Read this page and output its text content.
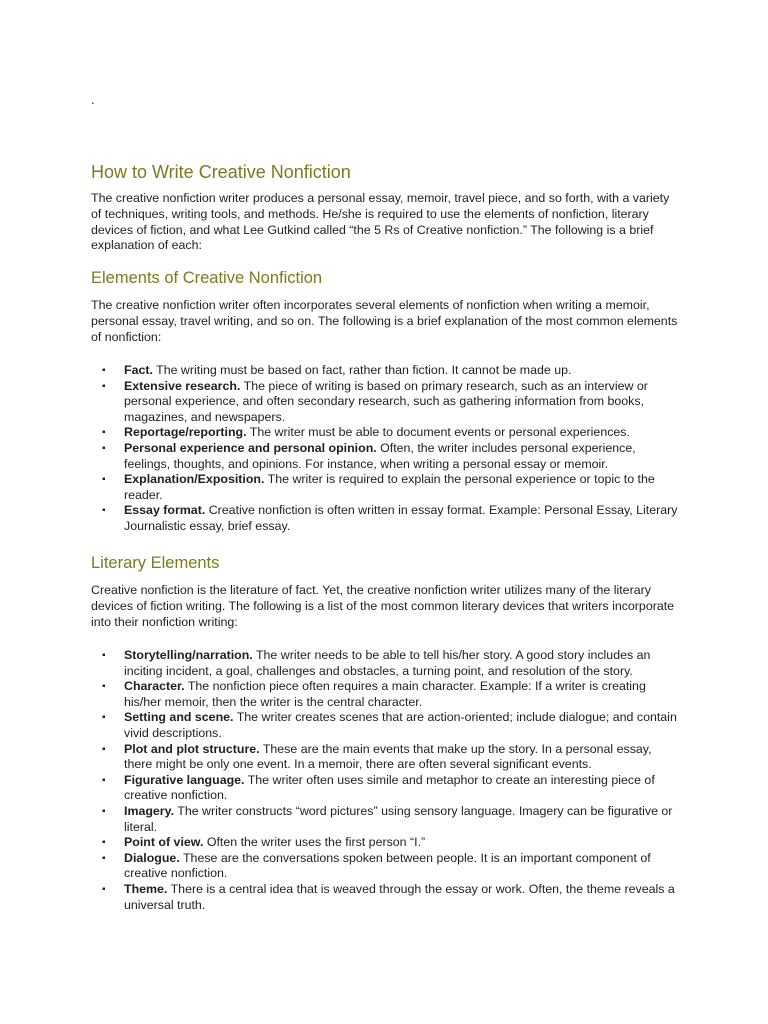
.
How to Write Creative Nonfiction

The creative nonfiction writer produces a personal essay, memoir, travel piece, and so forth, with a variety of techniques, writing tools, and methods. He/she is required to use the elements of nonfiction, literary devices of fiction, and what Lee Gutkind called “the 5 Rs of Creative nonfiction.” The following is a brief explanation of each:

Elements of Creative Nonfiction

The creative nonfiction writer often incorporates several elements of nonfiction when writing a memoir, personal essay, travel writing, and so on. The following is a brief explanation of the most common elements of nonfiction:

▪	Fact. The writing must be based on fact, rather than fiction. It cannot be made up.
▪	Extensive research. The piece of writing is based on primary research, such as an interview or personal experience, and often secondary research, such as gathering information from books, magazines, and newspapers.
▪	Reportage/reporting. The writer must be able to document events or personal experiences.
▪	Personal experience and personal opinion. Often, the writer includes personal experience, feelings, thoughts, and opinions. For instance, when writing a personal essay or memoir.
▪	Explanation/Exposition. The writer is required to explain the personal experience or topic to the reader.
▪	Essay format. Creative nonfiction is often written in essay format. Example: Personal Essay, Literary Journalistic essay, brief essay.
Literary Elements

Creative nonfiction is the literature of fact. Yet, the creative nonfiction writer utilizes many of the literary devices of fiction writing. The following is a list of the most common literary devices that writers incorporate into their nonfiction writing:

▪	Storytelling/narration. The writer needs to be able to tell his/her story. A good story includes an inciting incident, a goal, challenges and obstacles, a turning point, and resolution of the story.
▪	Character. The nonfiction piece often requires a main character. Example: If a writer is creating his/her memoir, then the writer is the central character.
▪	Setting and scene. The writer creates scenes that are action-oriented; include dialogue; and contain vivid descriptions.
▪	Plot and plot structure. These are the main events that make up the story. In a personal essay, there might be only one event. In a memoir, there are often several significant events.
▪	Figurative language. The writer often uses simile and metaphor to create an interesting piece of creative nonfiction.
▪	Imagery. The writer constructs “word pictures” using sensory language. Imagery can be figurative or literal.
▪	Point of view. Often the writer uses the first person “I.”
▪	Dialogue. These are the conversations spoken between people. It is an important component of creative nonfiction.
▪	Theme. There is a central idea that is weaved through the essay or work. Often, the theme reveals a universal truth.
